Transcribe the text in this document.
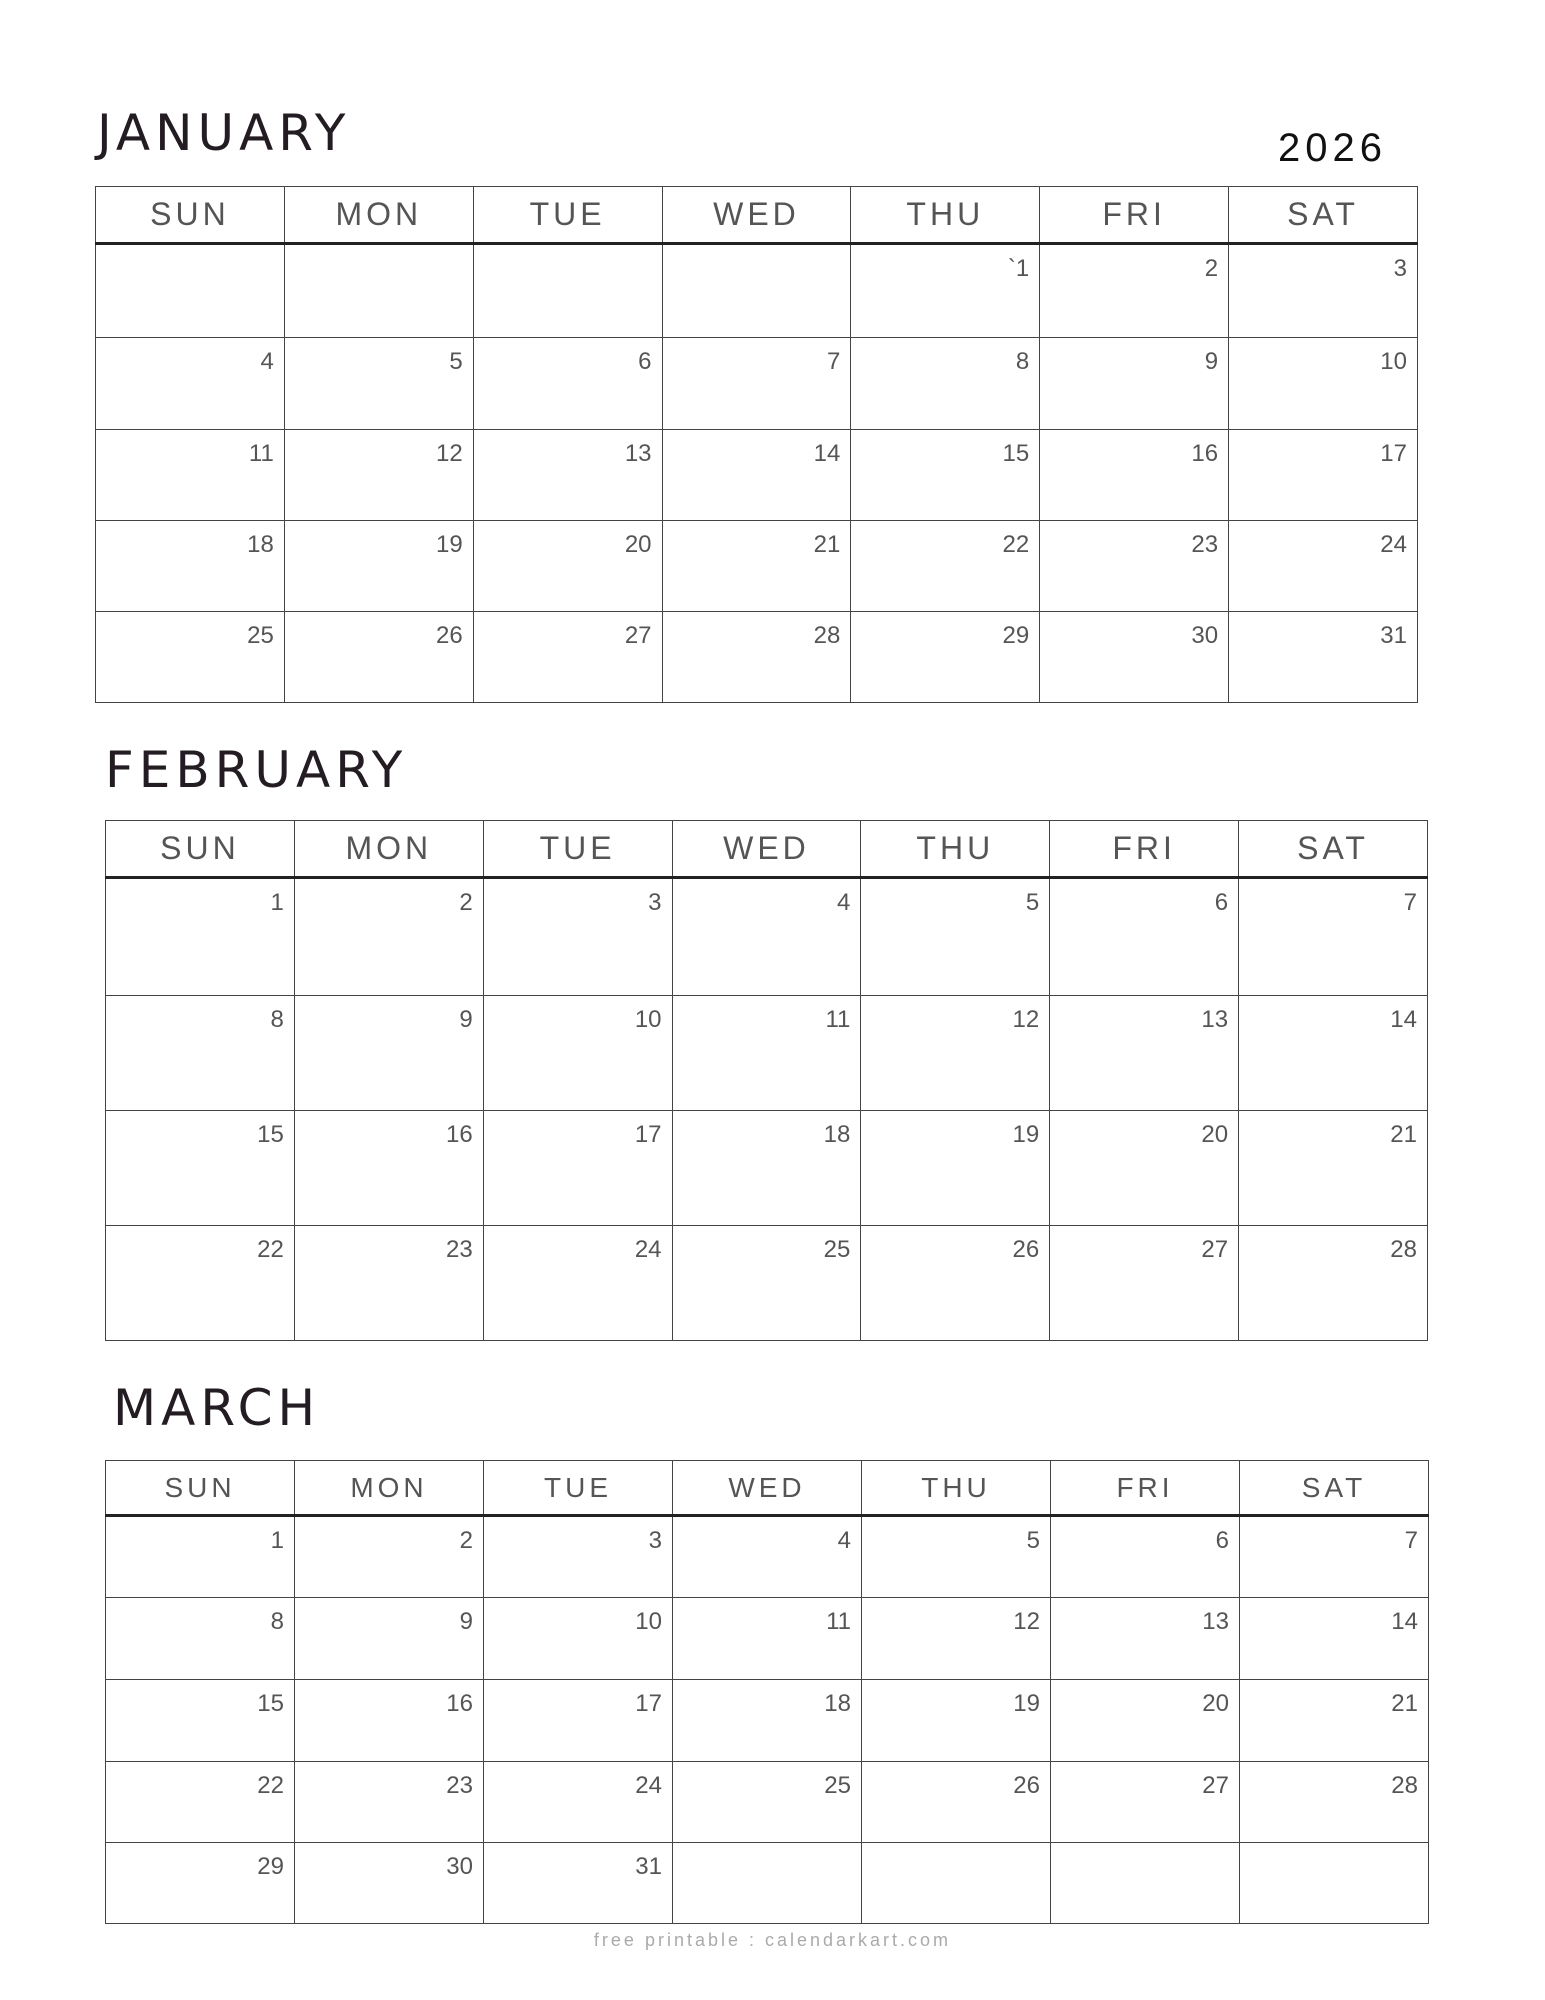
JANUARY	2026
SUN	MON	TUE	WED	THU	FRI	SAT
				`1	2	3
4	5	6	7	8	9	10
11	12	13	14	15	16	17
18	19	20	21	22	23	24
25	26	27	28	29	30	31
FEBRUARY
SUN	MON	TUE	WED	THU	FRI	SAT
1	2	3	4	5	6	7
8	9	10	11	12	13	14
15	16	17	18	19	20	21
22	23	24	25	26	27	28
MARCH
SUN	MON	TUE	WED	THU	FRI	SAT
1	2	3	4	5	6	7
8	9	10	11	12	13	14
15	16	17	18	19	20	21
22	23	24	25	26	27	28
29	30	31				
free printable : calendarkart.com
